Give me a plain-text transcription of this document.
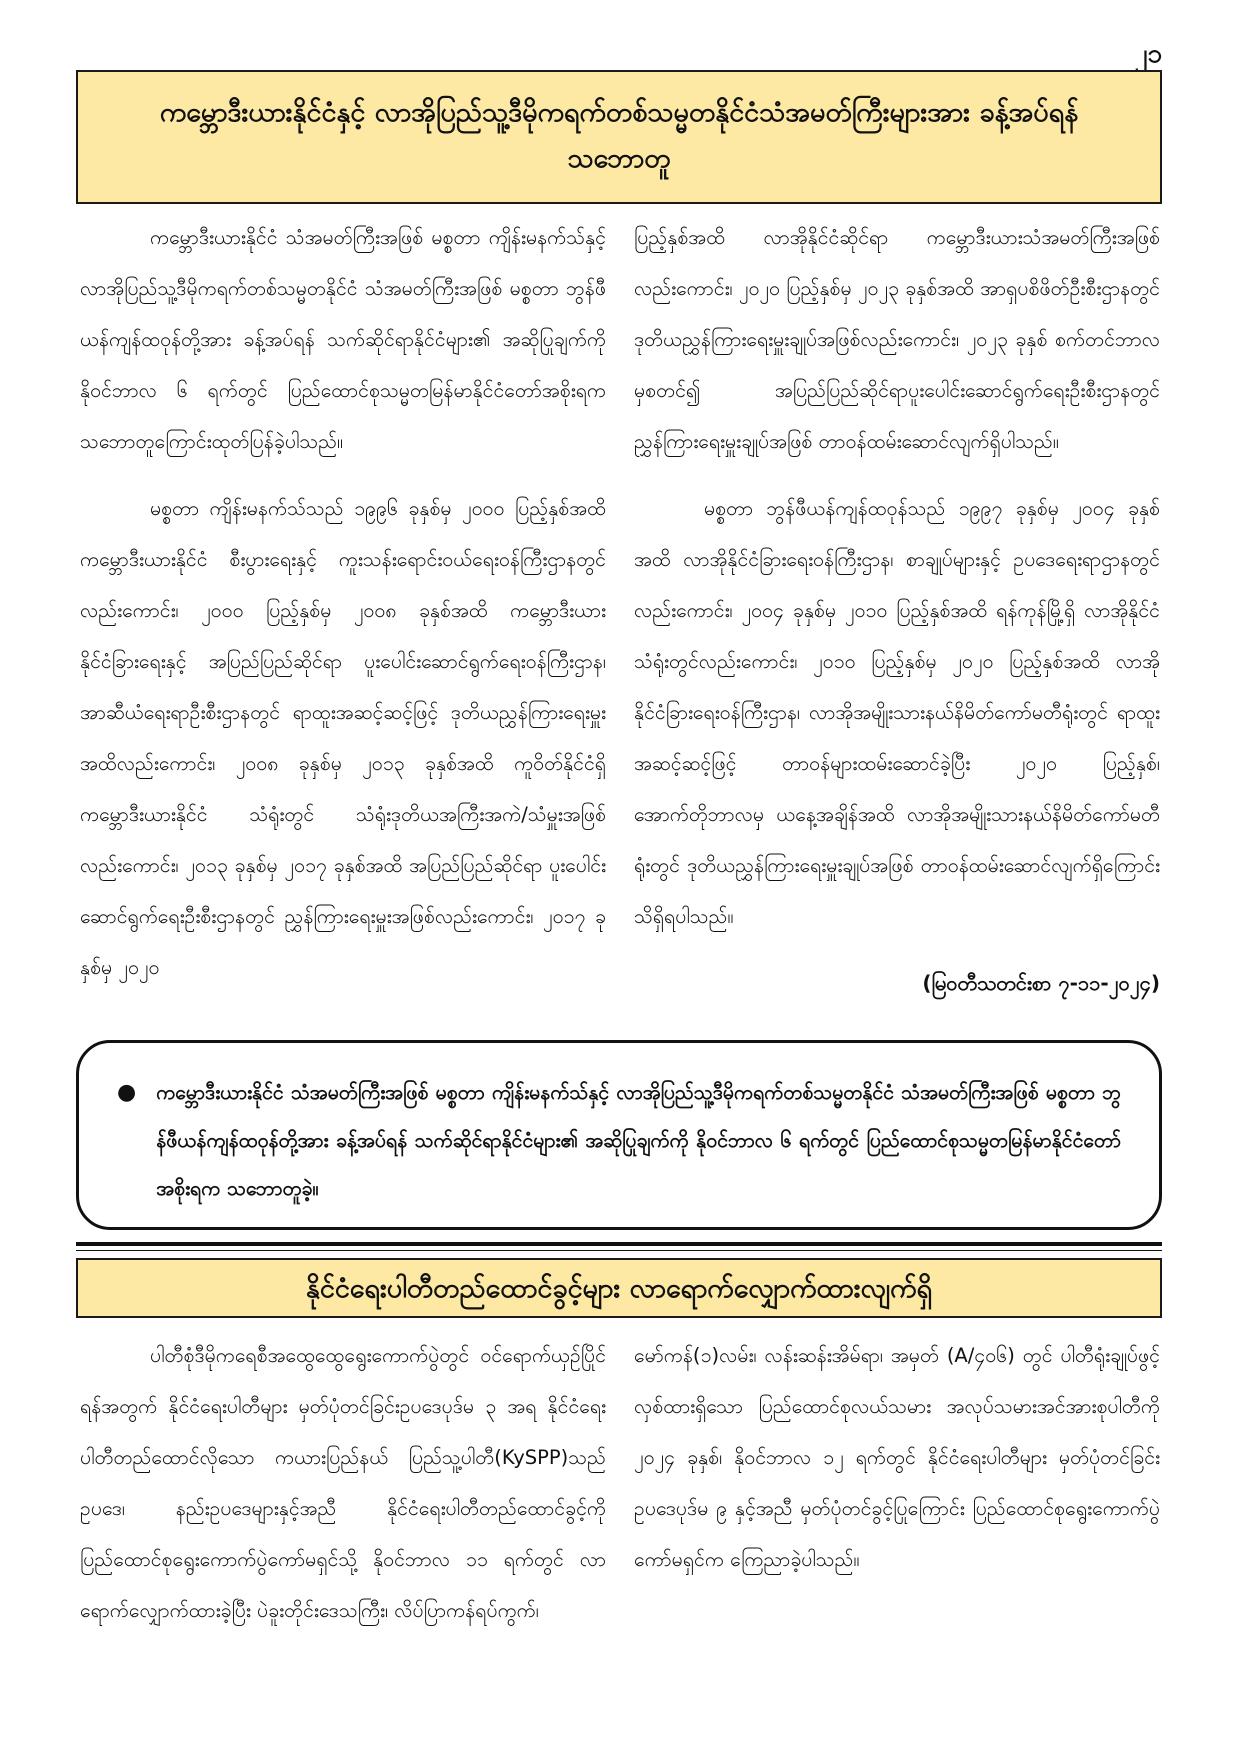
၂၁
ကမ္ဘောဒီးယားနိုင်ငံနှင့် လာအိုပြည်သူ့ဒီမိုကရက်တစ်သမ္မတနိုင်ငံသံအမတ်ကြီးများအား ခန့်အပ်ရန် သဘောတူ

ကမ္ဘောဒီးယားနိုင်ငံ သံအမတ်ကြီးအဖြစ် မစ္စတာ ကျိန်းမနက်သ်နှင့် လာအိုပြည်သူ့ဒီမိုကရက်တစ်သမ္မတနိုင်ငံ သံအမတ်ကြီးအဖြစ် မစ္စတာ ဘွန်ဖီယန်ကျန်ထဝုန်တို့အား ခန့်အပ်ရန် သက်ဆိုင်ရာနိုင်ငံများ၏ အဆိုပြုချက်ကို နိုဝင်ဘာလ ၆ ရက်တွင် ပြည်ထောင်စုသမ္မတမြန်မာနိုင်ငံတော်အစိုးရက သဘောတူကြောင်းထုတ်ပြန်ခဲ့ပါသည်။

မစ္စတာ ကျိန်းမနက်သ်သည် ၁၉၉၆ ခုနှစ်မှ ၂၀၀၀ ပြည့်နှစ်အထိ ကမ္ဘောဒီးယားနိုင်ငံ စီးပွားရေးနှင့် ကူးသန်းရောင်းဝယ်ရေးဝန်ကြီးဌာနတွင်လည်းကောင်း၊ ၂၀၀၀ ပြည့်နှစ်မှ ၂၀၀၈ ခုနှစ်အထိ ကမ္ဘောဒီးယားနိုင်ငံခြားရေးနှင့် အပြည်ပြည်ဆိုင်ရာ ပူးပေါင်းဆောင်ရွက်ရေးဝန်ကြီးဌာန၊ အာဆီယံရေးရာဦးစီးဌာနတွင် ရာထူးအဆင့်ဆင့်ဖြင့် ဒုတိယညွှန်ကြားရေးမှူးအထိလည်းကောင်း၊ ၂၀၀၈ ခုနှစ်မှ ၂၀၁၃ ခုနှစ်အထိ ကူဝိတ်နိုင်ငံရှိ ကမ္ဘောဒီးယားနိုင်ငံ သံရုံးတွင် သံရုံးဒုတိယအကြီးအကဲ/သံမှူးအဖြစ်လည်းကောင်း၊ ၂၀၁၃ ခုနှစ်မှ ၂၀၁၇ ခုနှစ်အထိ အပြည်ပြည်ဆိုင်ရာ ပူးပေါင်းဆောင်ရွက်ရေးဦးစီးဌာနတွင် ညွှန်ကြားရေးမှူးအဖြစ်လည်းကောင်း၊ ၂၀၁၇ ခုနှစ်မှ ၂၀၂၀

ပြည့်နှစ်အထိ လာအိုနိုင်ငံဆိုင်ရာ ကမ္ဘောဒီးယားသံအမတ်ကြီးအဖြစ်လည်းကောင်း၊ ၂၀၂၀ ပြည့်နှစ်မှ ၂၀၂၃ ခုနှစ်အထိ အာရှပစိဖိတ်ဦးစီးဌာနတွင် ဒုတိယညွှန်ကြားရေးမှူးချုပ်အဖြစ်လည်းကောင်း၊ ၂၀၂၃ ခုနှစ် စက်တင်ဘာလမှစတင်၍ အပြည်ပြည်ဆိုင်ရာပူးပေါင်းဆောင်ရွက်ရေးဦးစီးဌာနတွင် ညွှန်ကြားရေးမှူးချုပ်အဖြစ် တာဝန်ထမ်းဆောင်လျက်ရှိပါသည်။

မစ္စတာ ဘွန်ဖီယန်ကျန်ထဝုန်သည် ၁၉၉၇ ခုနှစ်မှ ၂၀၀၄ ခုနှစ်အထိ လာအိုနိုင်ငံခြားရေးဝန်ကြီးဌာန၊ စာချုပ်များနှင့် ဥပဒေရေးရာဌာနတွင်လည်းကောင်း၊ ၂၀၀၄ ခုနှစ်မှ ၂၀၁၀ ပြည့်နှစ်အထိ ရန်ကုန်မြို့ရှိ လာအိုနိုင်ငံသံရုံးတွင်လည်းကောင်း၊ ၂၀၁၀ ပြည့်နှစ်မှ ၂၀၂၀ ပြည့်နှစ်အထိ လာအိုနိုင်ငံခြားရေးဝန်ကြီးဌာန၊ လာအိုအမျိုးသားနယ်နိမိတ်ကော်မတီရုံးတွင် ရာထူးအဆင့်ဆင့်ဖြင့် တာဝန်များထမ်းဆောင်ခဲ့ပြီး ၂၀၂၀ ပြည့်နှစ်၊ အောက်တိုဘာလမှ ယနေ့အချိန်အထိ လာအိုအမျိုးသားနယ်နိမိတ်ကော်မတီရုံးတွင် ဒုတိယညွှန်ကြားရေးမှူးချုပ်အဖြစ် တာဝန်ထမ်းဆောင်လျက်ရှိကြောင်း သိရှိရပါသည်။

(မြဝတီသတင်းစာ ၇-၁၁-၂၀၂၄)
● ကမ္ဘောဒီးယားနိုင်ငံ သံအမတ်ကြီးအဖြစ် မစ္စတာ ကျိန်းမနက်သ်နှင့် လာအိုပြည်သူ့ဒီမိုကရက်တစ်သမ္မတနိုင်ငံ သံအမတ်ကြီးအဖြစ် မစ္စတာ ဘွန်ဖီယန်ကျန်ထဝုန်တို့အား ခန့်အပ်ရန် သက်ဆိုင်ရာနိုင်ငံများ၏ အဆိုပြုချက်ကို နိုဝင်ဘာလ ၆ ရက်တွင် ပြည်ထောင်စုသမ္မတမြန်မာနိုင်ငံတော်အစိုးရက သဘောတူခဲ့။
နိုင်ငံရေးပါတီတည်ထောင်ခွင့်များ လာရောက်လျှောက်ထားလျက်ရှိ

ပါတီစုံဒီမိုကရေစီအထွေထွေရွေးကောက်ပွဲတွင် ဝင်ရောက်ယှဉ်ပြိုင်ရန်အတွက် နိုင်ငံရေးပါတီများ မှတ်ပုံတင်ခြင်းဥပဒေပုဒ်မ ၃ အရ နိုင်ငံရေးပါတီတည်ထောင်လိုသော ကယားပြည်နယ် ပြည်သူ့ပါတီ(KySPP)သည် ဥပဒေ၊ နည်းဥပဒေများနှင့်အညီ နိုင်ငံရေးပါတီတည်ထောင်ခွင့်ကို ပြည်ထောင်စုရွေးကောက်ပွဲကော်မရှင်သို့ နိုဝင်ဘာလ ၁၁ ရက်တွင် လာရောက်လျှောက်ထားခဲ့ပြီး ပဲခူးတိုင်းဒေသကြီး၊ လိပ်ပြာကန်ရပ်ကွက်၊

မော်ကန်(၁)လမ်း၊ လန်းဆန်းအိမ်ရာ၊ အမှတ် (A/၄၀၆) တွင် ပါတီရုံးချုပ်ဖွင့်လှစ်ထားရှိသော ပြည်ထောင်စုလယ်သမား အလုပ်သမားအင်အားစုပါတီကို ၂၀၂၄ ခုနှစ်၊ နိုဝင်ဘာလ ၁၂ ရက်တွင် နိုင်ငံရေးပါတီများ မှတ်ပုံတင်ခြင်းဥပဒေပုဒ်မ ၉ နှင့်အညီ မှတ်ပုံတင်ခွင့်ပြုကြောင်း ပြည်ထောင်စုရွေးကောက်ပွဲကော်မရှင်က ကြေညာခဲ့ပါသည်။
